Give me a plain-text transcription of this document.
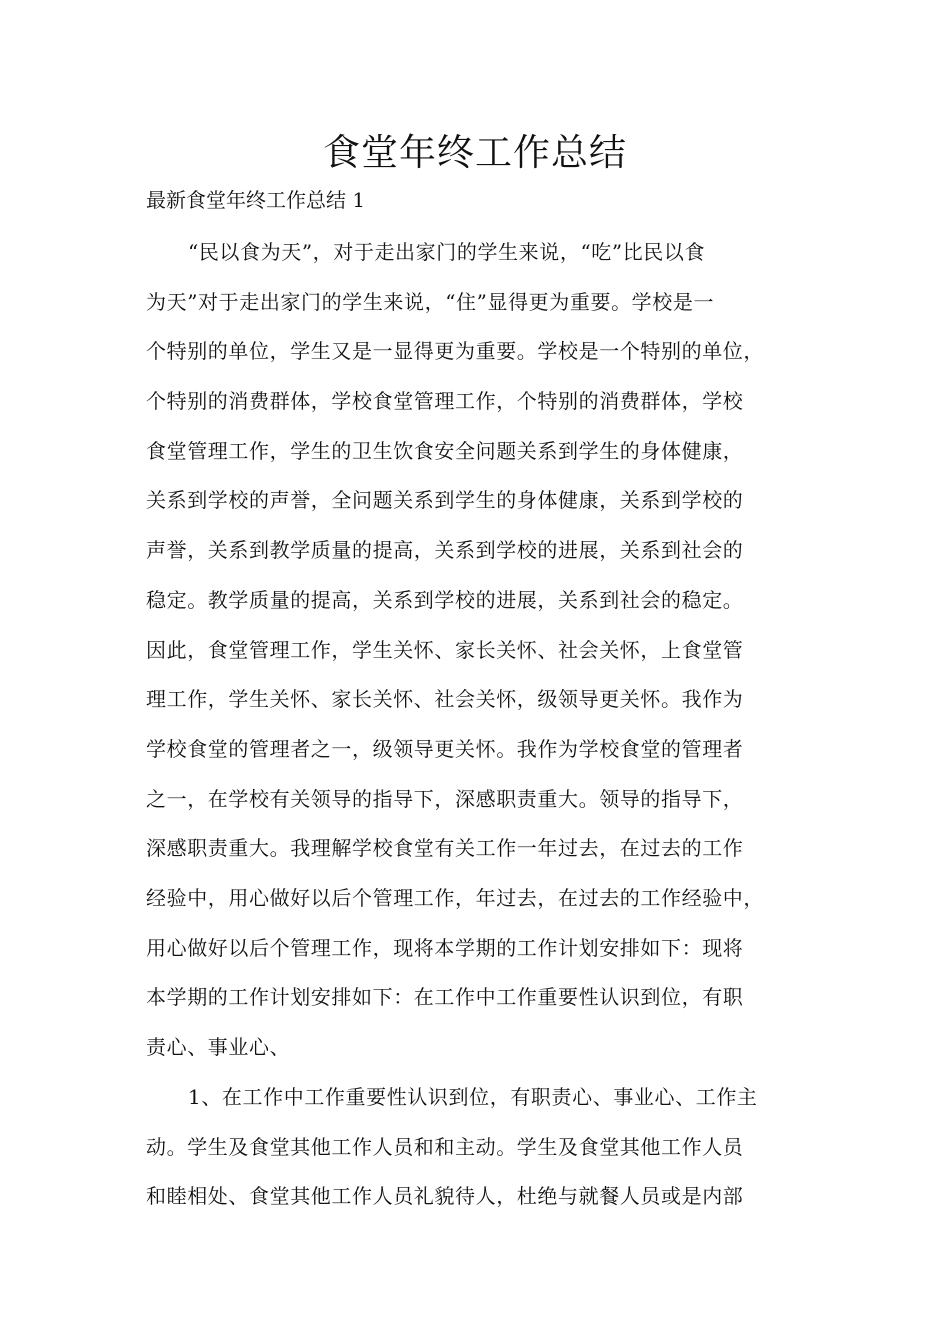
食堂年终工作总结

最新食堂年终工作总结 1

“民以食为天”，对于走出家门的学生来说，“吃”比民以食
为天”对于走出家门的学生来说，“住”显得更为重要。学校是一
个特别的单位，学生又是一显得更为重要。学校是一个特别的单位，
个特别的消费群体，学校食堂管理工作，个特别的消费群体，学校
食堂管理工作，学生的卫生饮食安全问题关系到学生的身体健康，
关系到学校的声誉，全问题关系到学生的身体健康，关系到学校的
声誉，关系到教学质量的提高，关系到学校的进展，关系到社会的
稳定。教学质量的提高，关系到学校的进展，关系到社会的稳定。
因此，食堂管理工作，学生关怀、家长关怀、社会关怀，上食堂管
理工作，学生关怀、家长关怀、社会关怀，级领导更关怀。我作为
学校食堂的管理者之一，级领导更关怀。我作为学校食堂的管理者
之一，在学校有关领导的指导下，深感职责重大。领导的指导下，
深感职责重大。我理解学校食堂有关工作一年过去，在过去的工作
经验中，用心做好以后个管理工作，年过去，在过去的工作经验中，
用心做好以后个管理工作，现将本学期的工作计划安排如下：现将
本学期的工作计划安排如下：在工作中工作重要性认识到位，有职
责心、事业心、
1、在工作中工作重要性认识到位，有职责心、事业心、工作主
动。学生及食堂其他工作人员和和主动。学生及食堂其他工作人员
和睦相处、食堂其他工作人员礼貌待人，杜绝与就餐人员或是内部
